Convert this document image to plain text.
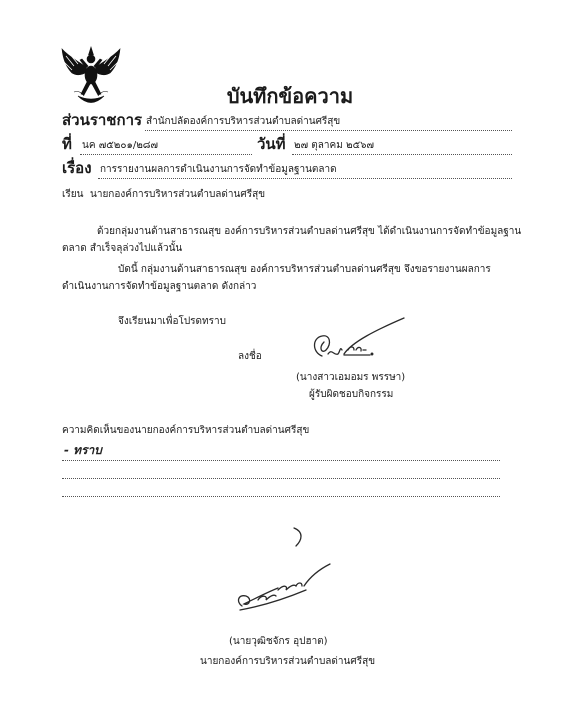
บันทึกข้อความ
ส่วนราชการ สำนักปลัดองค์การบริหารส่วนตำบลด่านศรีสุข
ที่ นค ๗๕๒๐๑/๒๘๗	วันที่ ๒๗ ตุลาคม ๒๕๖๗
เรื่อง การรายงานผลการดำเนินงานการจัดทำข้อมูลฐานตลาด
เรียน นายกองค์การบริหารส่วนตำบลด่านศรีสุข
ด้วยกลุ่มงานด้านสาธารณสุข องค์การบริหารส่วนตำบลด่านศรีสุข ได้ดำเนินงานการจัดทำข้อมูลฐาน
ตลาด สำเร็จลุล่วงไปแล้วนั้น
บัดนี้ กลุ่มงานด้านสาธารณสุข องค์การบริหารส่วนตำบลด่านศรีสุข จึงขอรายงานผลการ
ดำเนินงานการจัดทำข้อมูลฐานตลาด ดังกล่าว
จึงเรียนมาเพื่อโปรดทราบ
ลงชื่อ
(นางสาวเอมอมร พรรษา)
ผู้รับผิดชอบกิจกรรม
ความคิดเห็นของนายกองค์การบริหารส่วนตำบลด่านศรีสุข
- ทราบ
(นายวุฒิชจักร อุปฮาต)
นายกองค์การบริหารส่วนตำบลด่านศรีสุข
